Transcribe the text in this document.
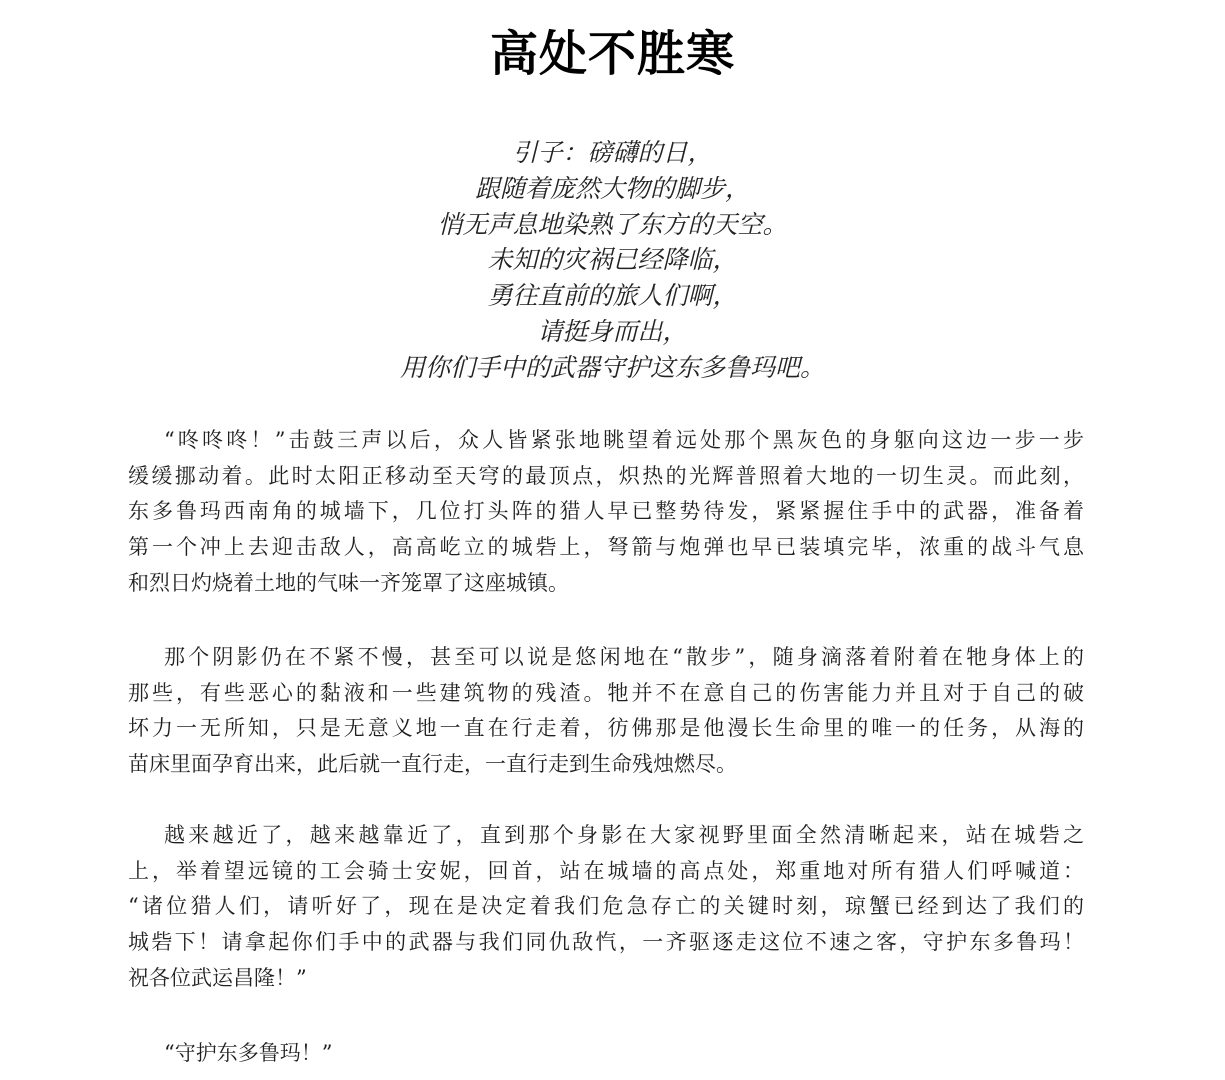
高处不胜寒
引子：磅礴的日，
跟随着庞然大物的脚步，
悄无声息地染熟了东方的天空。
未知的灾祸已经降临，
勇往直前的旅人们啊，
请挺身而出，
用你们手中的武器守护这东多鲁玛吧。
“咚咚咚！”击鼓三声以后，众人皆紧张地眺望着远处那个黑灰色的身躯向这边一步一步
缓缓挪动着。此时太阳正移动至天穹的最顶点，炽热的光辉普照着大地的一切生灵。而此刻，
东多鲁玛西南角的城墙下，几位打头阵的猎人早已整势待发，紧紧握住手中的武器，准备着
第一个冲上去迎击敌人，高高屹立的城砦上，弩箭与炮弹也早已装填完毕，浓重的战斗气息
和烈日灼烧着土地的气味一齐笼罩了这座城镇。
那个阴影仍在不紧不慢，甚至可以说是悠闲地在“散步”，随身滴落着附着在牠身体上的
那些，有些恶心的黏液和一些建筑物的残渣。牠并不在意自己的伤害能力并且对于自己的破
坏力一无所知，只是无意义地一直在行走着，彷佛那是他漫长生命里的唯一的任务，从海的
苗床里面孕育出来，此后就一直行走，一直行走到生命残烛燃尽。
越来越近了，越来越靠近了，直到那个身影在大家视野里面全然清晰起来，站在城砦之
上，举着望远镜的工会骑士安妮，回首，站在城墙的高点处，郑重地对所有猎人们呼喊道：
“诸位猎人们，请听好了，现在是决定着我们危急存亡的关键时刻，琼蟹已经到达了我们的
城砦下！请拿起你们手中的武器与我们同仇敌忾，一齐驱逐走这位不速之客，守护东多鲁玛！
祝各位武运昌隆！”
“守护东多鲁玛！”
